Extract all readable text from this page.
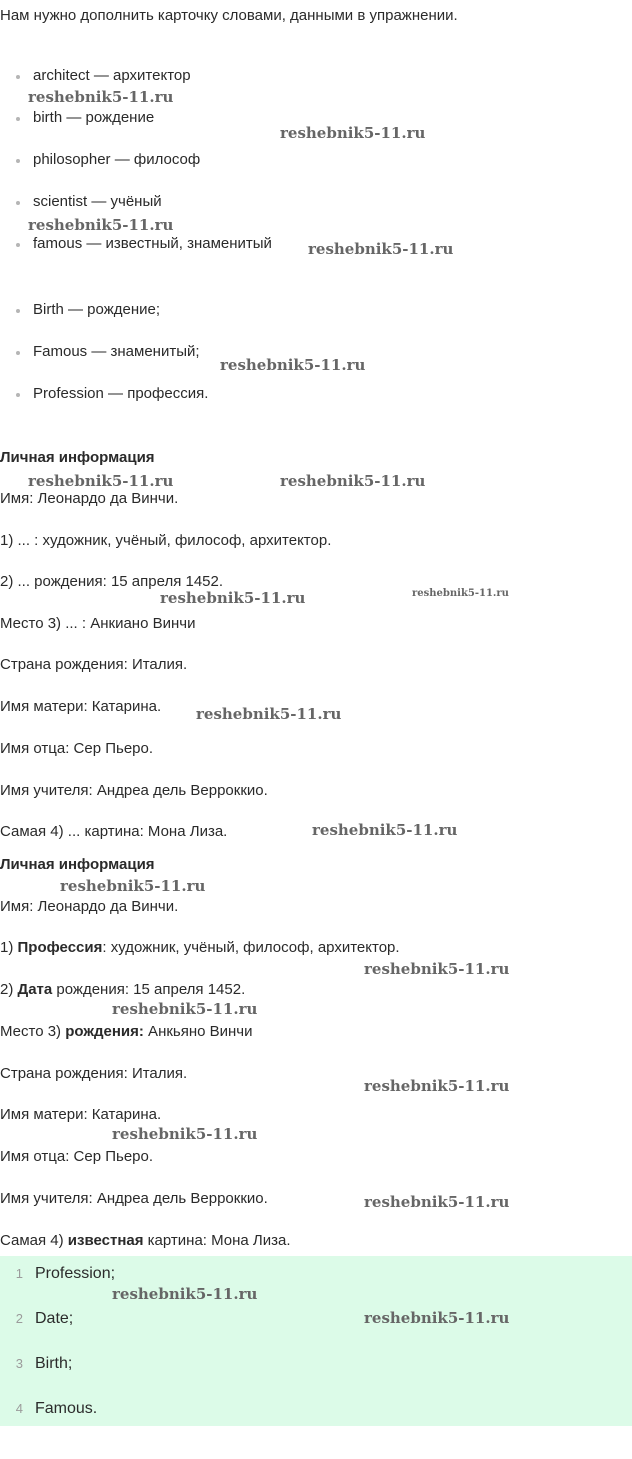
Нам нужно дополнить карточку словами, данными в упражнении.

architect — архитектор
birth — рождение
philosopher — философ
scientist — учёный
famous — известный, знаменитый
Birth — рождение;
Famous — знаменитый;
Profession — профессия.

Личная информация

Имя: Леонардо да Винчи.

1) ... : художник, учёный, философ, архитектор.

2) ... рождения: 15 апреля 1452.

Место 3) ... : Анкиано Винчи

Страна рождения: Италия.

Имя матери: Катарина.

Имя отца: Сер Пьеро.

Имя учителя: Андреа дель Верроккио.

Самая 4) ... картина: Мона Лиза.

Личная информация

Имя: Леонардо да Винчи.

1) Профессия: художник, учёный, философ, архитектор.

2) Дата рождения: 15 апреля 1452.

Место 3) рождения: Анкьяно Винчи

Страна рождения: Италия.

Имя матери: Катарина.

Имя отца: Сер Пьеро.

Имя учителя: Андреа дель Верроккио.

Самая 4) известная картина: Мона Лиза.

1 Profession;
2 Date;
3 Birth;
4 Famous.
reshebnik5-11.ru
reshebnik5-11.ru
reshebnik5-11.ru
reshebnik5-11.ru
reshebnik5-11.ru
reshebnik5-11.ru	reshebnik5-11.ru
reshebnik5-11.ru	reshebnik5-11.ru
reshebnik5-11.ru
reshebnik5-11.ru
reshebnik5-11.ru
reshebnik5-11.ru
reshebnik5-11.ru
reshebnik5-11.ru
reshebnik5-11.ru
reshebnik5-11.ru
reshebnik5-11.ru
reshebnik5-11.ru
